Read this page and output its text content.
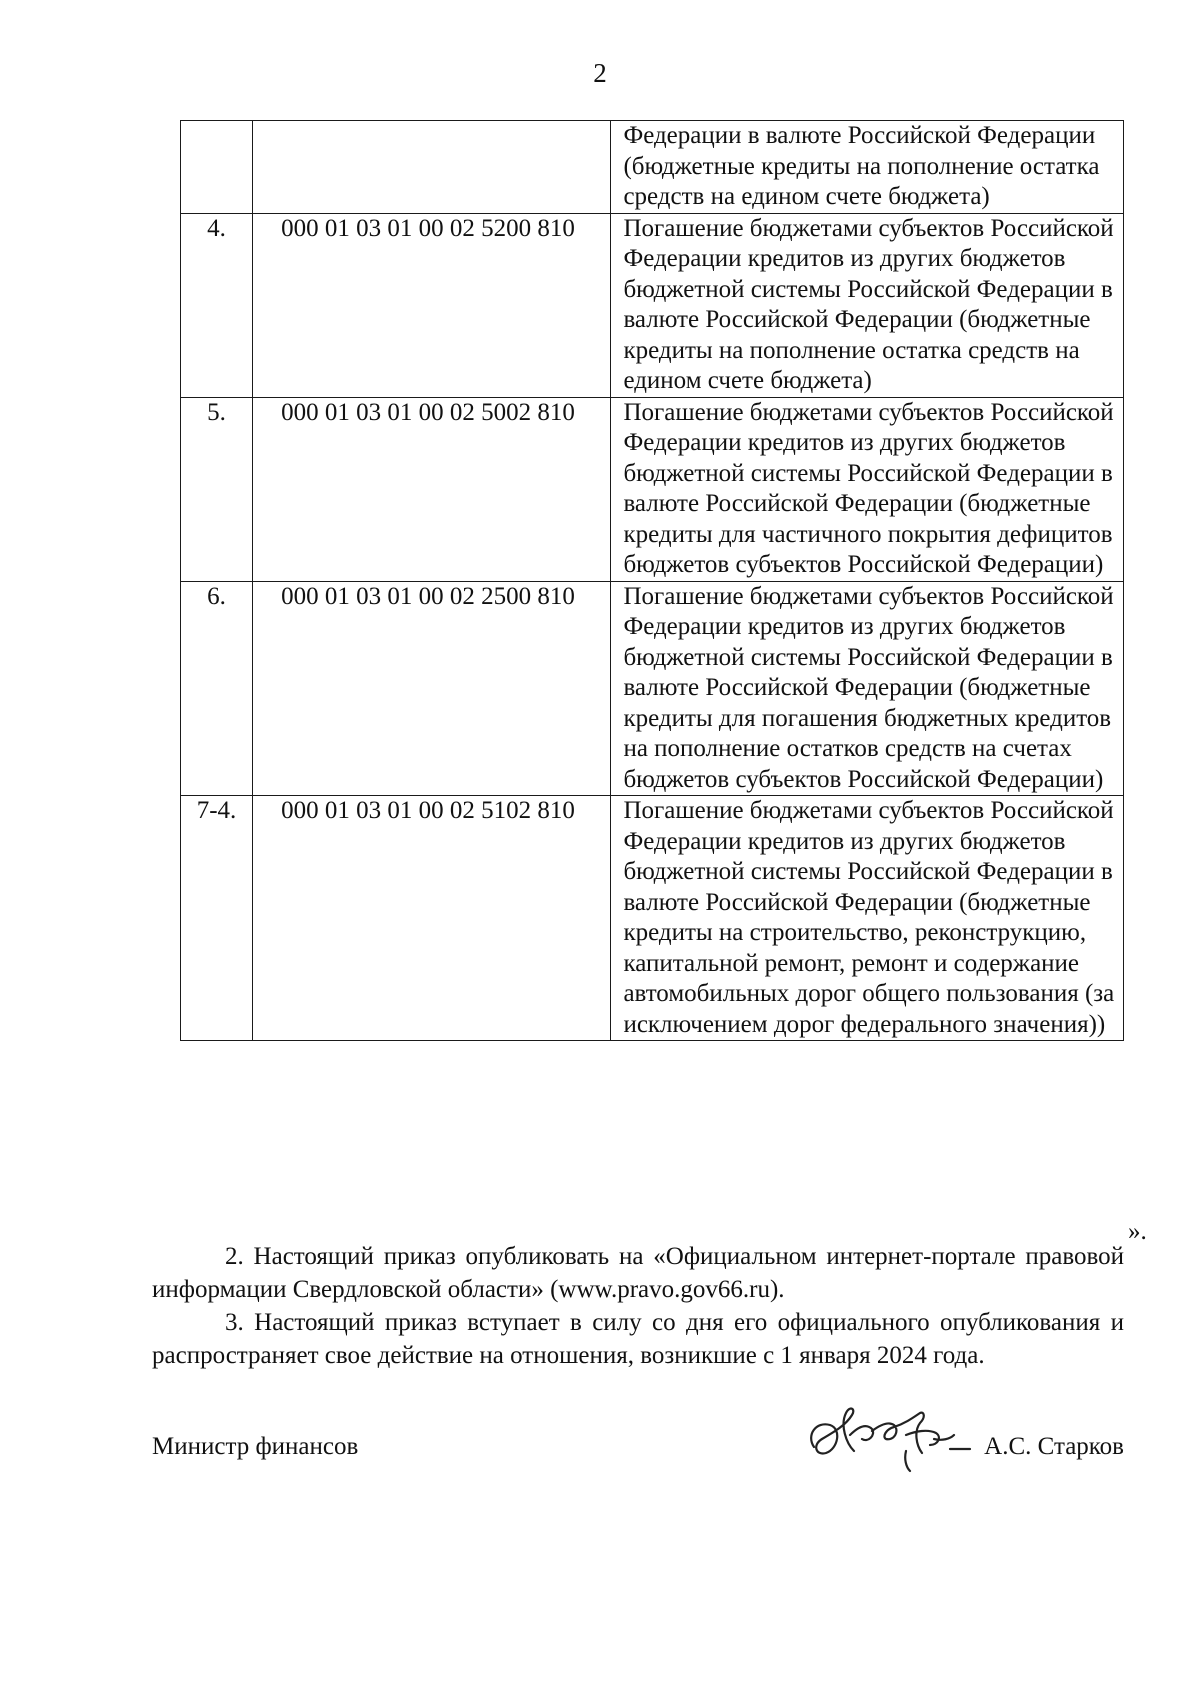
2
		Федерации в валюте Российской Федерации (бюджетные кредиты на пополнение остатка средств на едином счете бюджета)
4.	000 01 03 01 00 02 5200 810	Погашение бюджетами субъектов Российской Федерации кредитов из других бюджетов бюджетной системы Российской Федерации в валюте Российской Федерации (бюджетные кредиты на пополнение остатка средств на едином счете бюджета)
5.	000 01 03 01 00 02 5002 810	Погашение бюджетами субъектов Российской Федерации кредитов из других бюджетов бюджетной системы Российской Федерации в валюте Российской Федерации (бюджетные кредиты для частичного покрытия дефицитов бюджетов субъектов Российской Федерации)
6.	000 01 03 01 00 02 2500 810	Погашение бюджетами субъектов Российской Федерации кредитов из других бюджетов бюджетной системы Российской Федерации в валюте Российской Федерации (бюджетные кредиты для погашения бюджетных кредитов на пополнение остатков средств на счетах бюджетов субъектов Российской Федерации)
7-4.	000 01 03 01 00 02 5102 810	Погашение бюджетами субъектов Российской Федерации кредитов из других бюджетов бюджетной системы Российской Федерации в валюте Российской Федерации (бюджетные кредиты на строительство, реконструкцию, капитальной ремонт, ремонт и содержание автомобильных дорог общего пользования (за исключением дорог федерального значения))
».
2. Настоящий приказ опубликовать на «Официальном интернет-портале правовой информации Свердловской области» (www.pravo.gov66.ru).
3. Настоящий приказ вступает в силу со дня его официального опубликования и распространяет свое действие на отношения, возникшие с 1 января 2024 года.
Министр финансов	А.С. Старков
